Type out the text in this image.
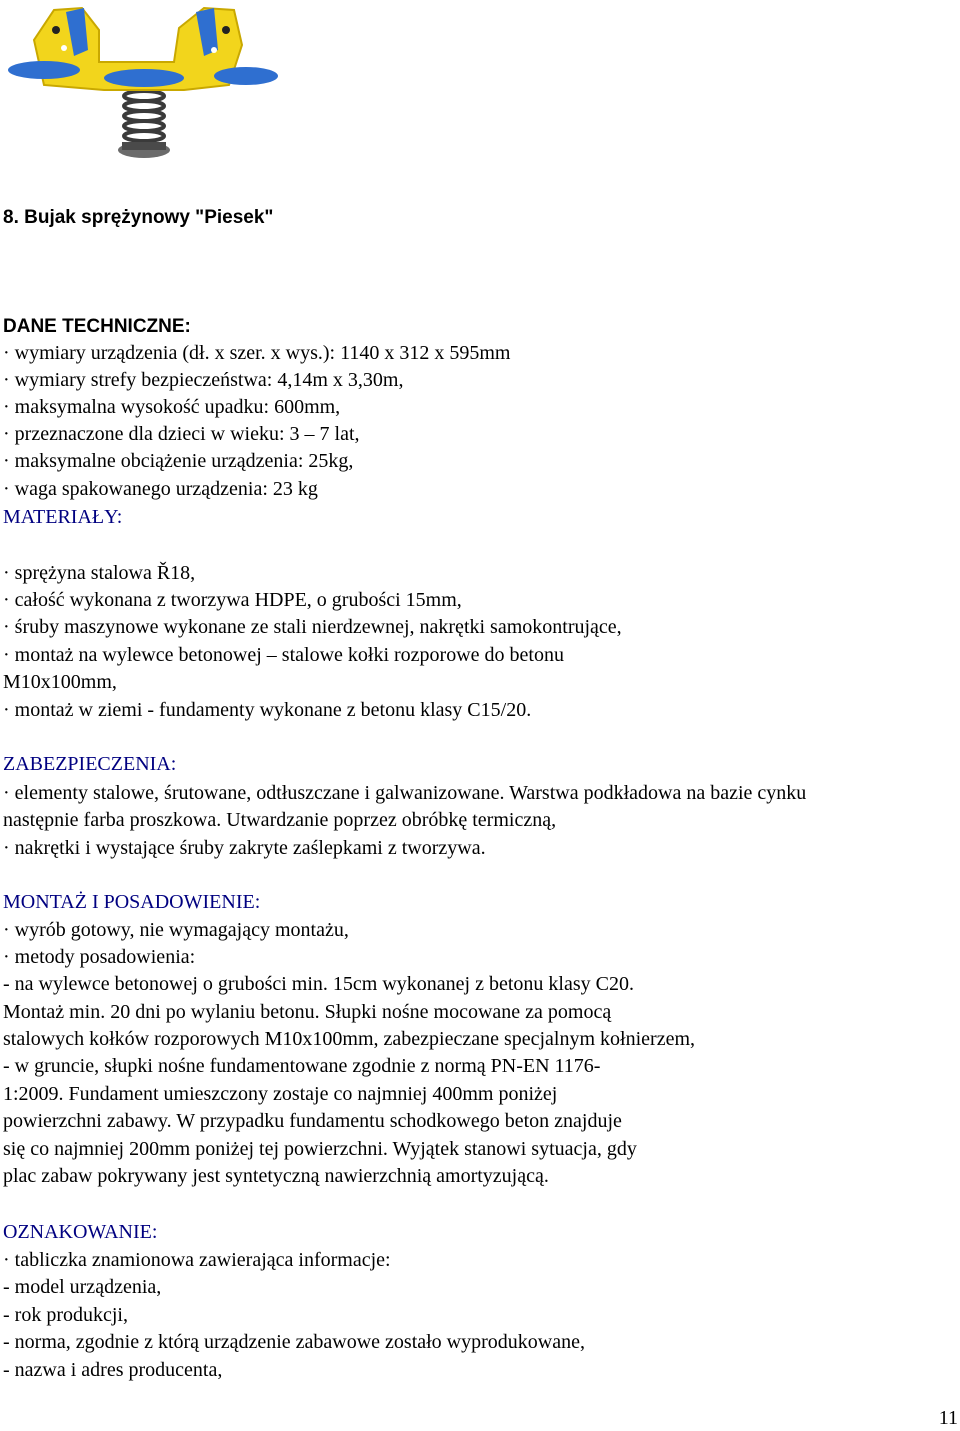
8. Bujak sprężynowy "Piesek"
DANE TECHNICZNE:
· wymiary urządzenia (dł. x szer. x wys.): 1140 x 312 x 595mm
· wymiary strefy bezpieczeństwa: 4,14m x 3,30m,
· maksymalna wysokość upadku: 600mm,
· przeznaczone dla dzieci w wieku: 3 – 7 lat,
· maksymalne obciążenie urządzenia: 25kg,
· waga spakowanego urządzenia: 23 kg
MATERIAŁY:
· sprężyna stalowa Ř18,
· całość wykonana z tworzywa HDPE, o grubości 15mm,
· śruby maszynowe wykonane ze stali nierdzewnej, nakrętki samokontrujące,
· montaż na wylewce betonowej – stalowe kołki rozporowe do betonu
M10x100mm,
· montaż w ziemi - fundamenty wykonane z betonu klasy C15/20.
ZABEZPIECZENIA:
· elementy stalowe, śrutowane, odtłuszczane i galwanizowane. Warstwa podkładowa na bazie cynku
następnie farba proszkowa. Utwardzanie poprzez obróbkę termiczną,
· nakrętki i wystające śruby zakryte zaślepkami z tworzywa.
MONTAŻ I POSADOWIENIE:
· wyrób gotowy, nie wymagający montażu,
· metody posadowienia:
- na wylewce betonowej o grubości min. 15cm wykonanej z betonu klasy C20.
Montaż min. 20 dni po wylaniu betonu. Słupki nośne mocowane za pomocą
stalowych kołków rozporowych M10x100mm, zabezpieczane specjalnym kołnierzem,
- w gruncie, słupki nośne fundamentowane zgodnie z normą PN-EN 1176-
1:2009. Fundament umieszczony zostaje co najmniej 400mm poniżej
powierzchni zabawy. W przypadku fundamentu schodkowego beton znajduje
się co najmniej 200mm poniżej tej powierzchni. Wyjątek stanowi sytuacja, gdy
plac zabaw pokrywany jest syntetyczną nawierzchnią amortyzującą.
OZNAKOWANIE:
· tabliczka znamionowa zawierająca informacje:
- model urządzenia,
- rok produkcji,
- norma, zgodnie z którą urządzenie zabawowe zostało wyprodukowane,
- nazwa i adres producenta,
11
